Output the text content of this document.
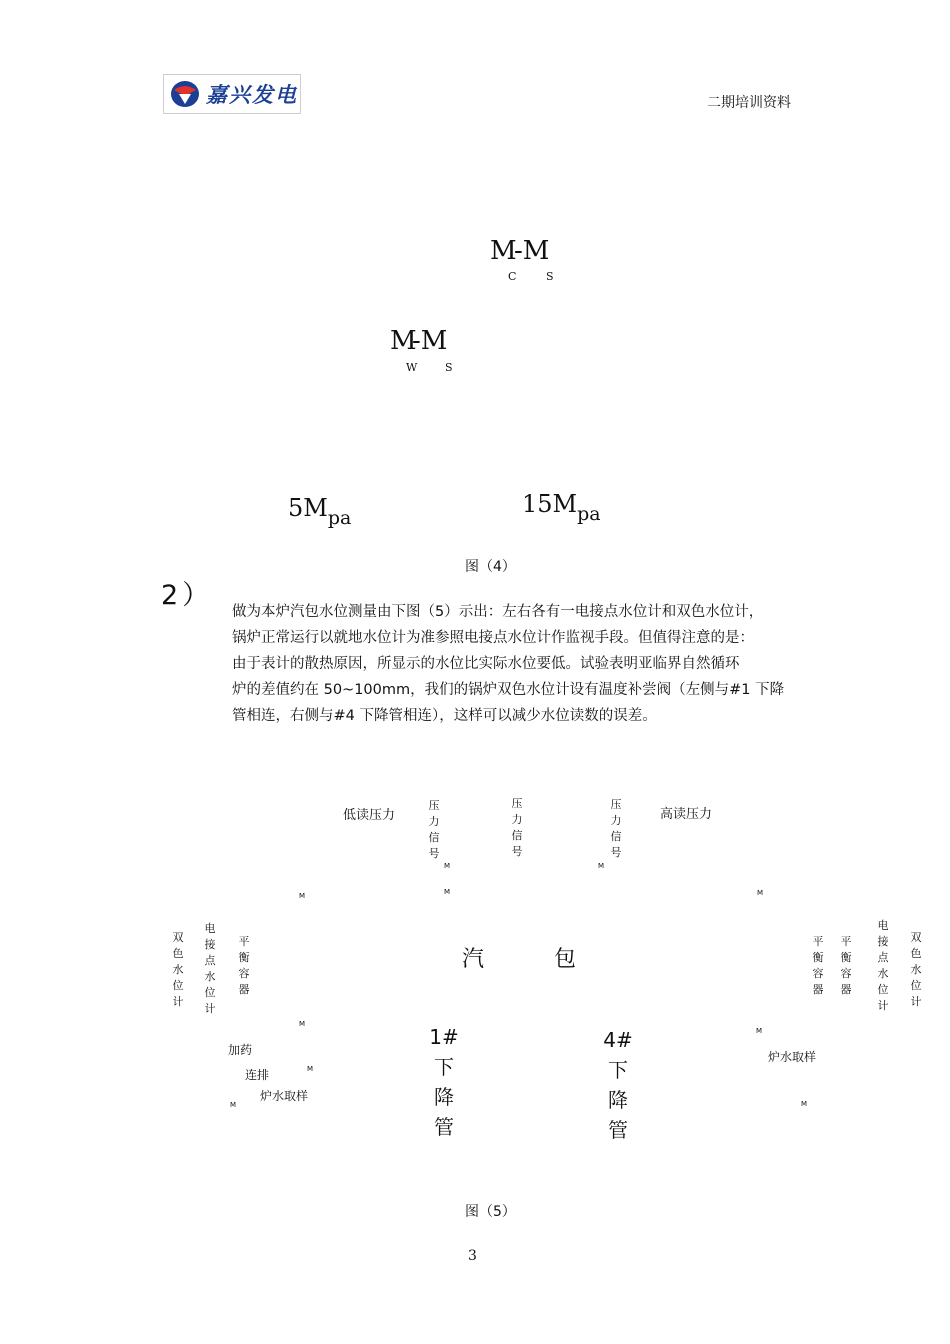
嘉兴发电	二期培训资料
M
C
-M
S
M
W
-M
S
$5M_{pa}$	$15M_{pa}$
图（4）
2）

做为本炉汽包水位测量由下图（5）示出：左右各有一电接点水位计和双色水位计，

锅炉正常运行以就地水位计为准参照电接点水位计作监视手段。但值得注意的是：

由于表计的散热原因，所显示的水位比实际水位要低。试验表明亚临界自然循环

炉的差值约在 50~100mm，我们的锅炉双色水位计设有温度补尝阀（左侧与#1 下降

管相连，右侧与#4 下降管相连），这样可以减少水位读数的误差。

低读压力	高读压力
压力信号
压力信号
压力信号
M	M
M	M	M
M
M
M
M	M
双色水位计
电接点水位计
平衡容器
平衡容器
平衡容器
电接点水位计
双色水位计
汽包
加药
连排
炉水取样
炉水取样
1#下降管
4#下降管
图（5）
3
